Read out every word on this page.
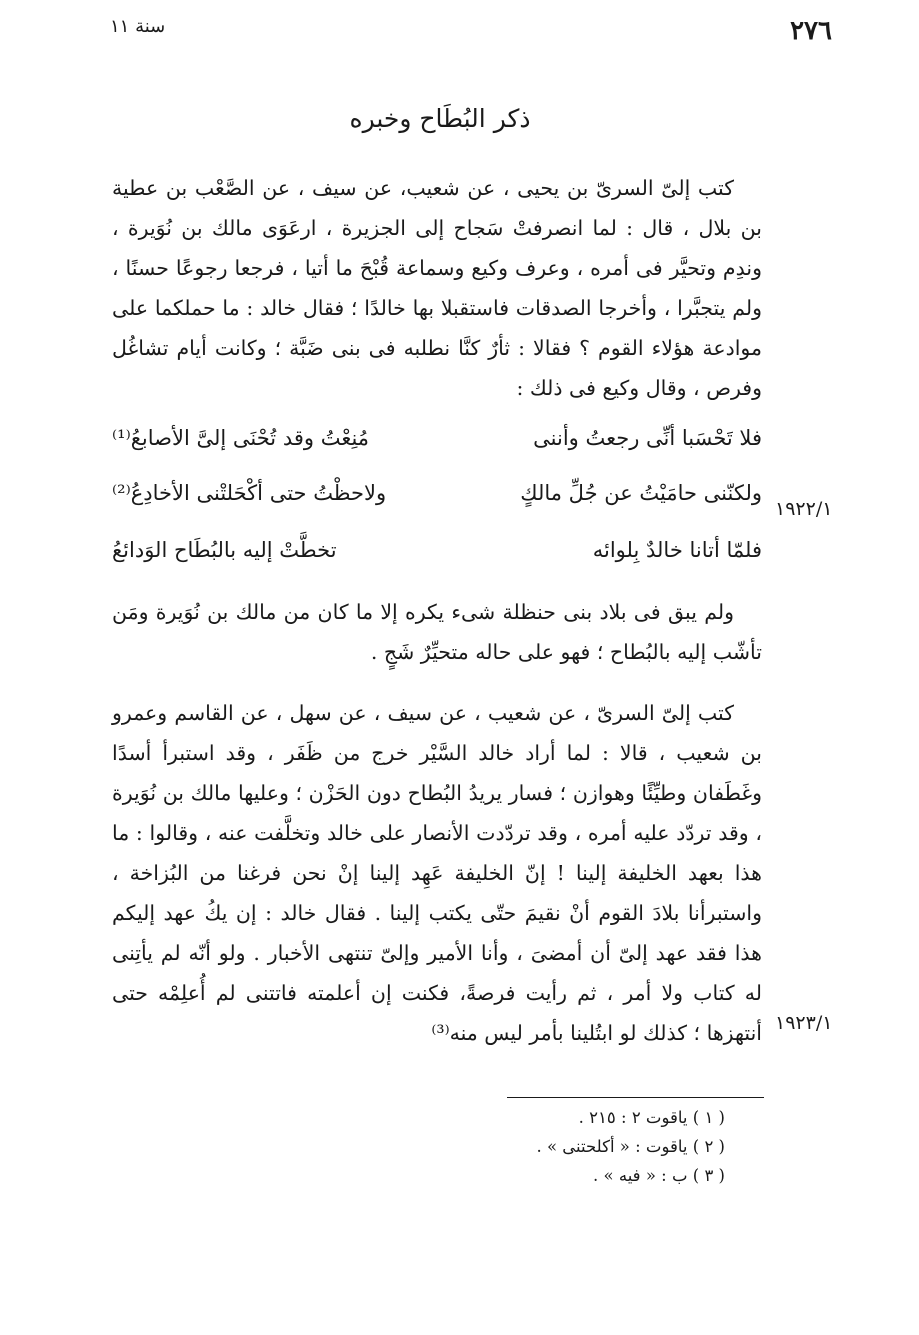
٢٧٦
سنة ١١
ذكر البُطَاح وخبره

كتب إلىّ السرىّ بن يحيى ، عن شعيب، عن سيف ، عن الصَّعْب بن عطية بن بلال ، قال : لما انصرفتْ سَجاح إلى الجزيرة ، ارعَوَى مالك بن نُوَيرة ، وندِم وتحيَّر فى أمره ، وعرف وكيع وسماعة قُبْحَ ما أتيا ، فرجعا رجوعًا حسنًا ، ولم يتجبَّرا ، وأخرجا الصدقات فاستقبلا بها خالدًا ؛ فقال خالد : ما حملكما على موادعة هؤلاء القوم ؟ فقالا : ثأرٌ كنَّا نطلبه فى بنى ضَبَّة ؛ وكانت أيام تشاغُل وفرص ، وقال وكيع فى ذلك :

فلا تَحْسَبا أنِّى رجعتُ وأننى
مُنِعْتُ وقد تُحْنَى إلىَّ الأصابعُ⁽¹⁾
ولكنّنى حامَيْتُ عن جُلِّ مالكٍ
ولاحظْتُ حتى أكْحَلتْنى الأخادِعُ⁽²⁾
فلمّا أتانا خالدٌ بِلوائه
تخطَّتْ إليه بالبُطَاح الوَدائعُ
١٩٢٢/١

ولم يبق فى بلاد بنى حنظلة شىء يكره إلا ما كان من مالك بن نُوَيرة ومَن تأشّب إليه بالبُطاح ؛ فهو على حاله متحيِّرٌ شَجٍ .

كتب إلىّ السرىّ ، عن شعيب ، عن سيف ، عن سهل ، عن القاسم وعمرو بن شعيب ، قالا : لما أراد خالد السَّيْر خرج من ظَفَر ، وقد استبرأ أسدًا وغَطَفان وطيِّئًا وهوازن ؛ فسار يريدُ البُطاح دون الحَزْن ؛ وعليها مالك بن نُوَيرة ، وقد تردّد عليه أمره ، وقد تردّدت الأنصار على خالد وتخلَّفت عنه ، وقالوا : ما هذا بعهد الخليفة إلينا ! إنّ الخليفة عَهِد إلينا إنْ نحن فرغنا من البُزاخة ، واستبرأنا بلادَ القوم أنْ نقيمَ حتّى يكتب إلينا . فقال خالد : إن يكُ عهد إليكم هذا فقد عهد إلىّ أن أمضىَ ، وأنا الأمير وإلىّ تنتهى الأخبار . ولو أنّه لم يأتِنى له كتاب ولا أمر ، ثم رأيت فرصةً، فكنت إن أعلمته فاتتنى لم أُعلِمْه حتى أنتهزها ؛ كذلك لو ابتُلينا بأمر ليس منه⁽³⁾ ١٩٢٣/١
( ١ ) ياقوت ٢ : ٢١٥ .
( ٢ ) ياقوت : « أكلحتنى » .
( ٣ ) ب : « فيه » .
